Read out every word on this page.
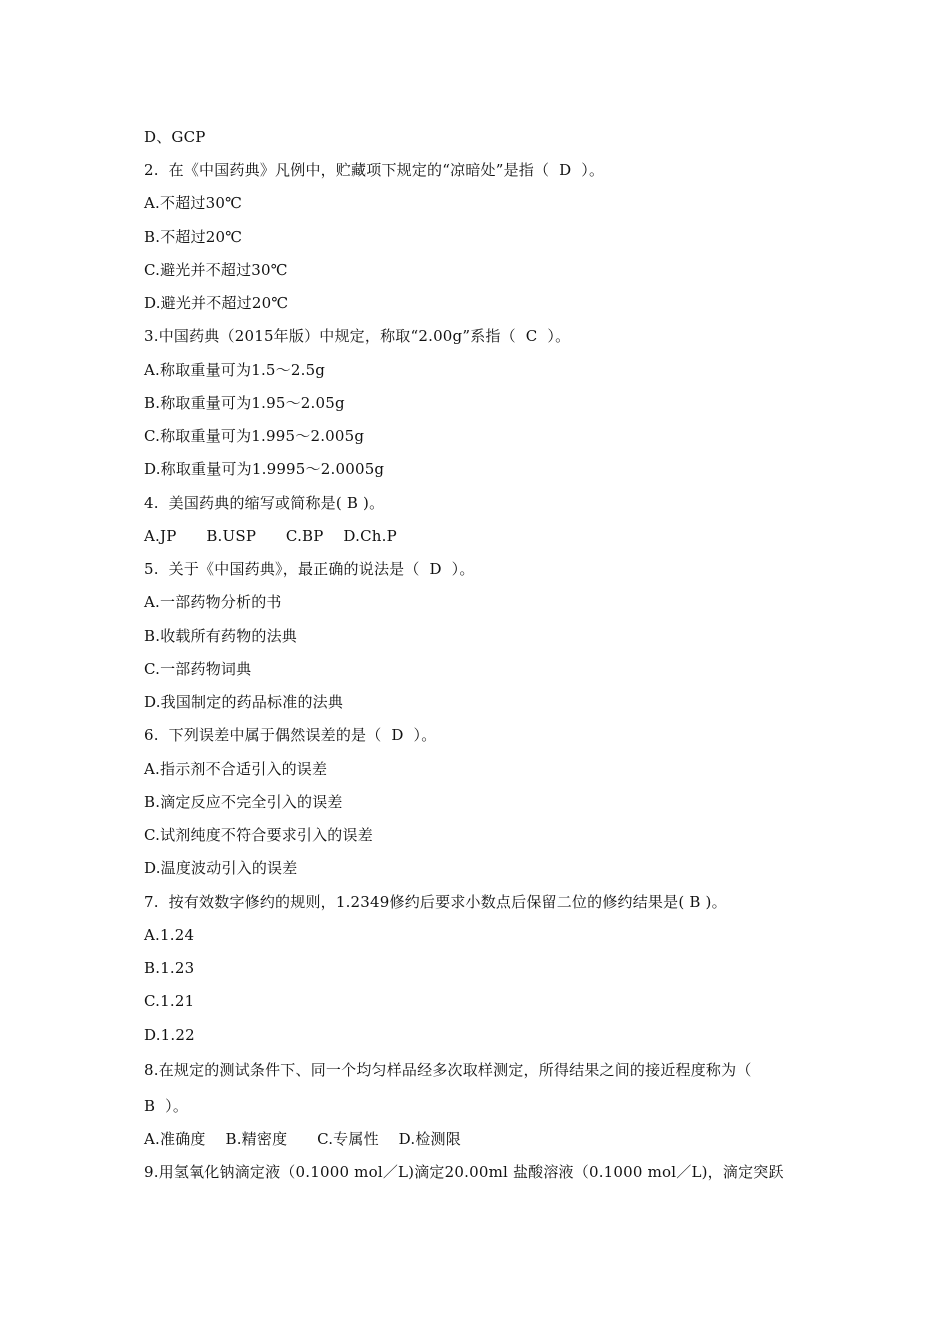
D、GCP
2.  在《中国药典》凡例中，贮藏项下规定的“凉暗处”是指（  D  ）。
A.不超过30℃
B.不超过20℃
C.避光并不超过30℃
D.避光并不超过20℃
3.中国药典（2015年版）中规定，称取“2.00g”系指（  C  ）。
A.称取重量可为1.5～2.5g
B.称取重量可为1.95～2.05g
C.称取重量可为1.995～2.005g
D.称取重量可为1.9995～2.0005g
4.  美国药典的缩写或简称是( B )。
A.JP      B.USP      C.BP    D.Ch.P
5.  关于《中国药典》，最正确的说法是（  D  ）。
A.一部药物分析的书
B.收载所有药物的法典
C.一部药物词典
D.我国制定的药品标准的法典
6.  下列误差中属于偶然误差的是（  D  ）。
A.指示剂不合适引入的误差
B.滴定反应不完全引入的误差
C.试剂纯度不符合要求引入的误差
D.温度波动引入的误差
7.  按有效数字修约的规则，1.2349修约后要求小数点后保留二位的修约结果是( B )。
A.1.24
B.1.23
C.1.21
D.1.22
8.在规定的测试条件下、同一个均匀样品经多次取样测定，所得结果之间的接近程度称为（
B  ）。
A.准确度    B.精密度      C.专属性    D.检测限
9.用氢氧化钠滴定液（0.1000 mol／L)滴定20.00ml 盐酸溶液（0.1000 mol／L)，滴定突跃
